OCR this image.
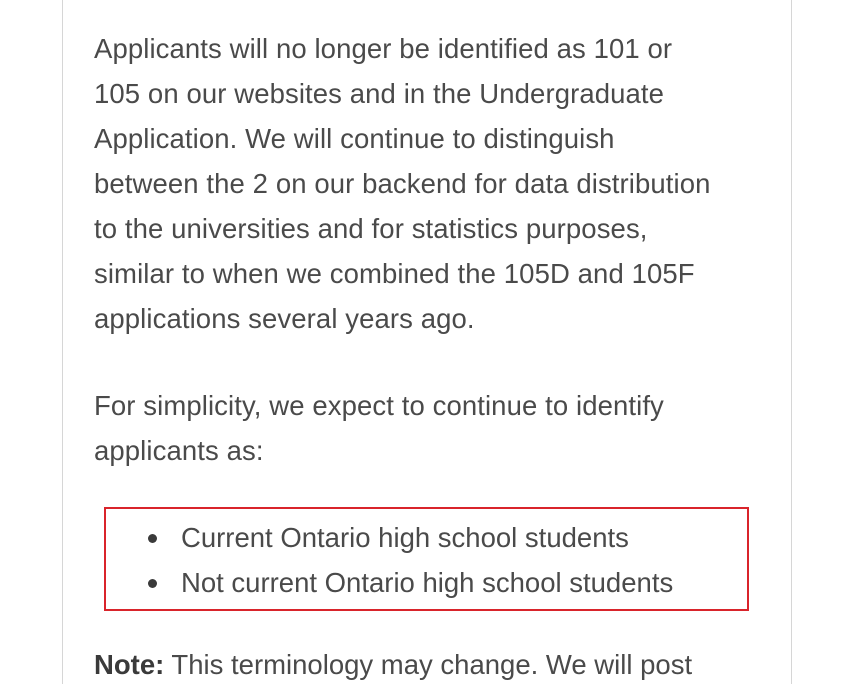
Applicants will no longer be identified as 101 or
105 on our websites and in the Undergraduate
Application. We will continue to distinguish
between the 2 on our backend for data distribution
to the universities and for statistics purposes,
similar to when we combined the 105D and 105F
applications several years ago.

For simplicity, we expect to continue to identify
applicants as:

Current Ontario high school students
Not current Ontario high school students
Note: This terminology may change. We will post
